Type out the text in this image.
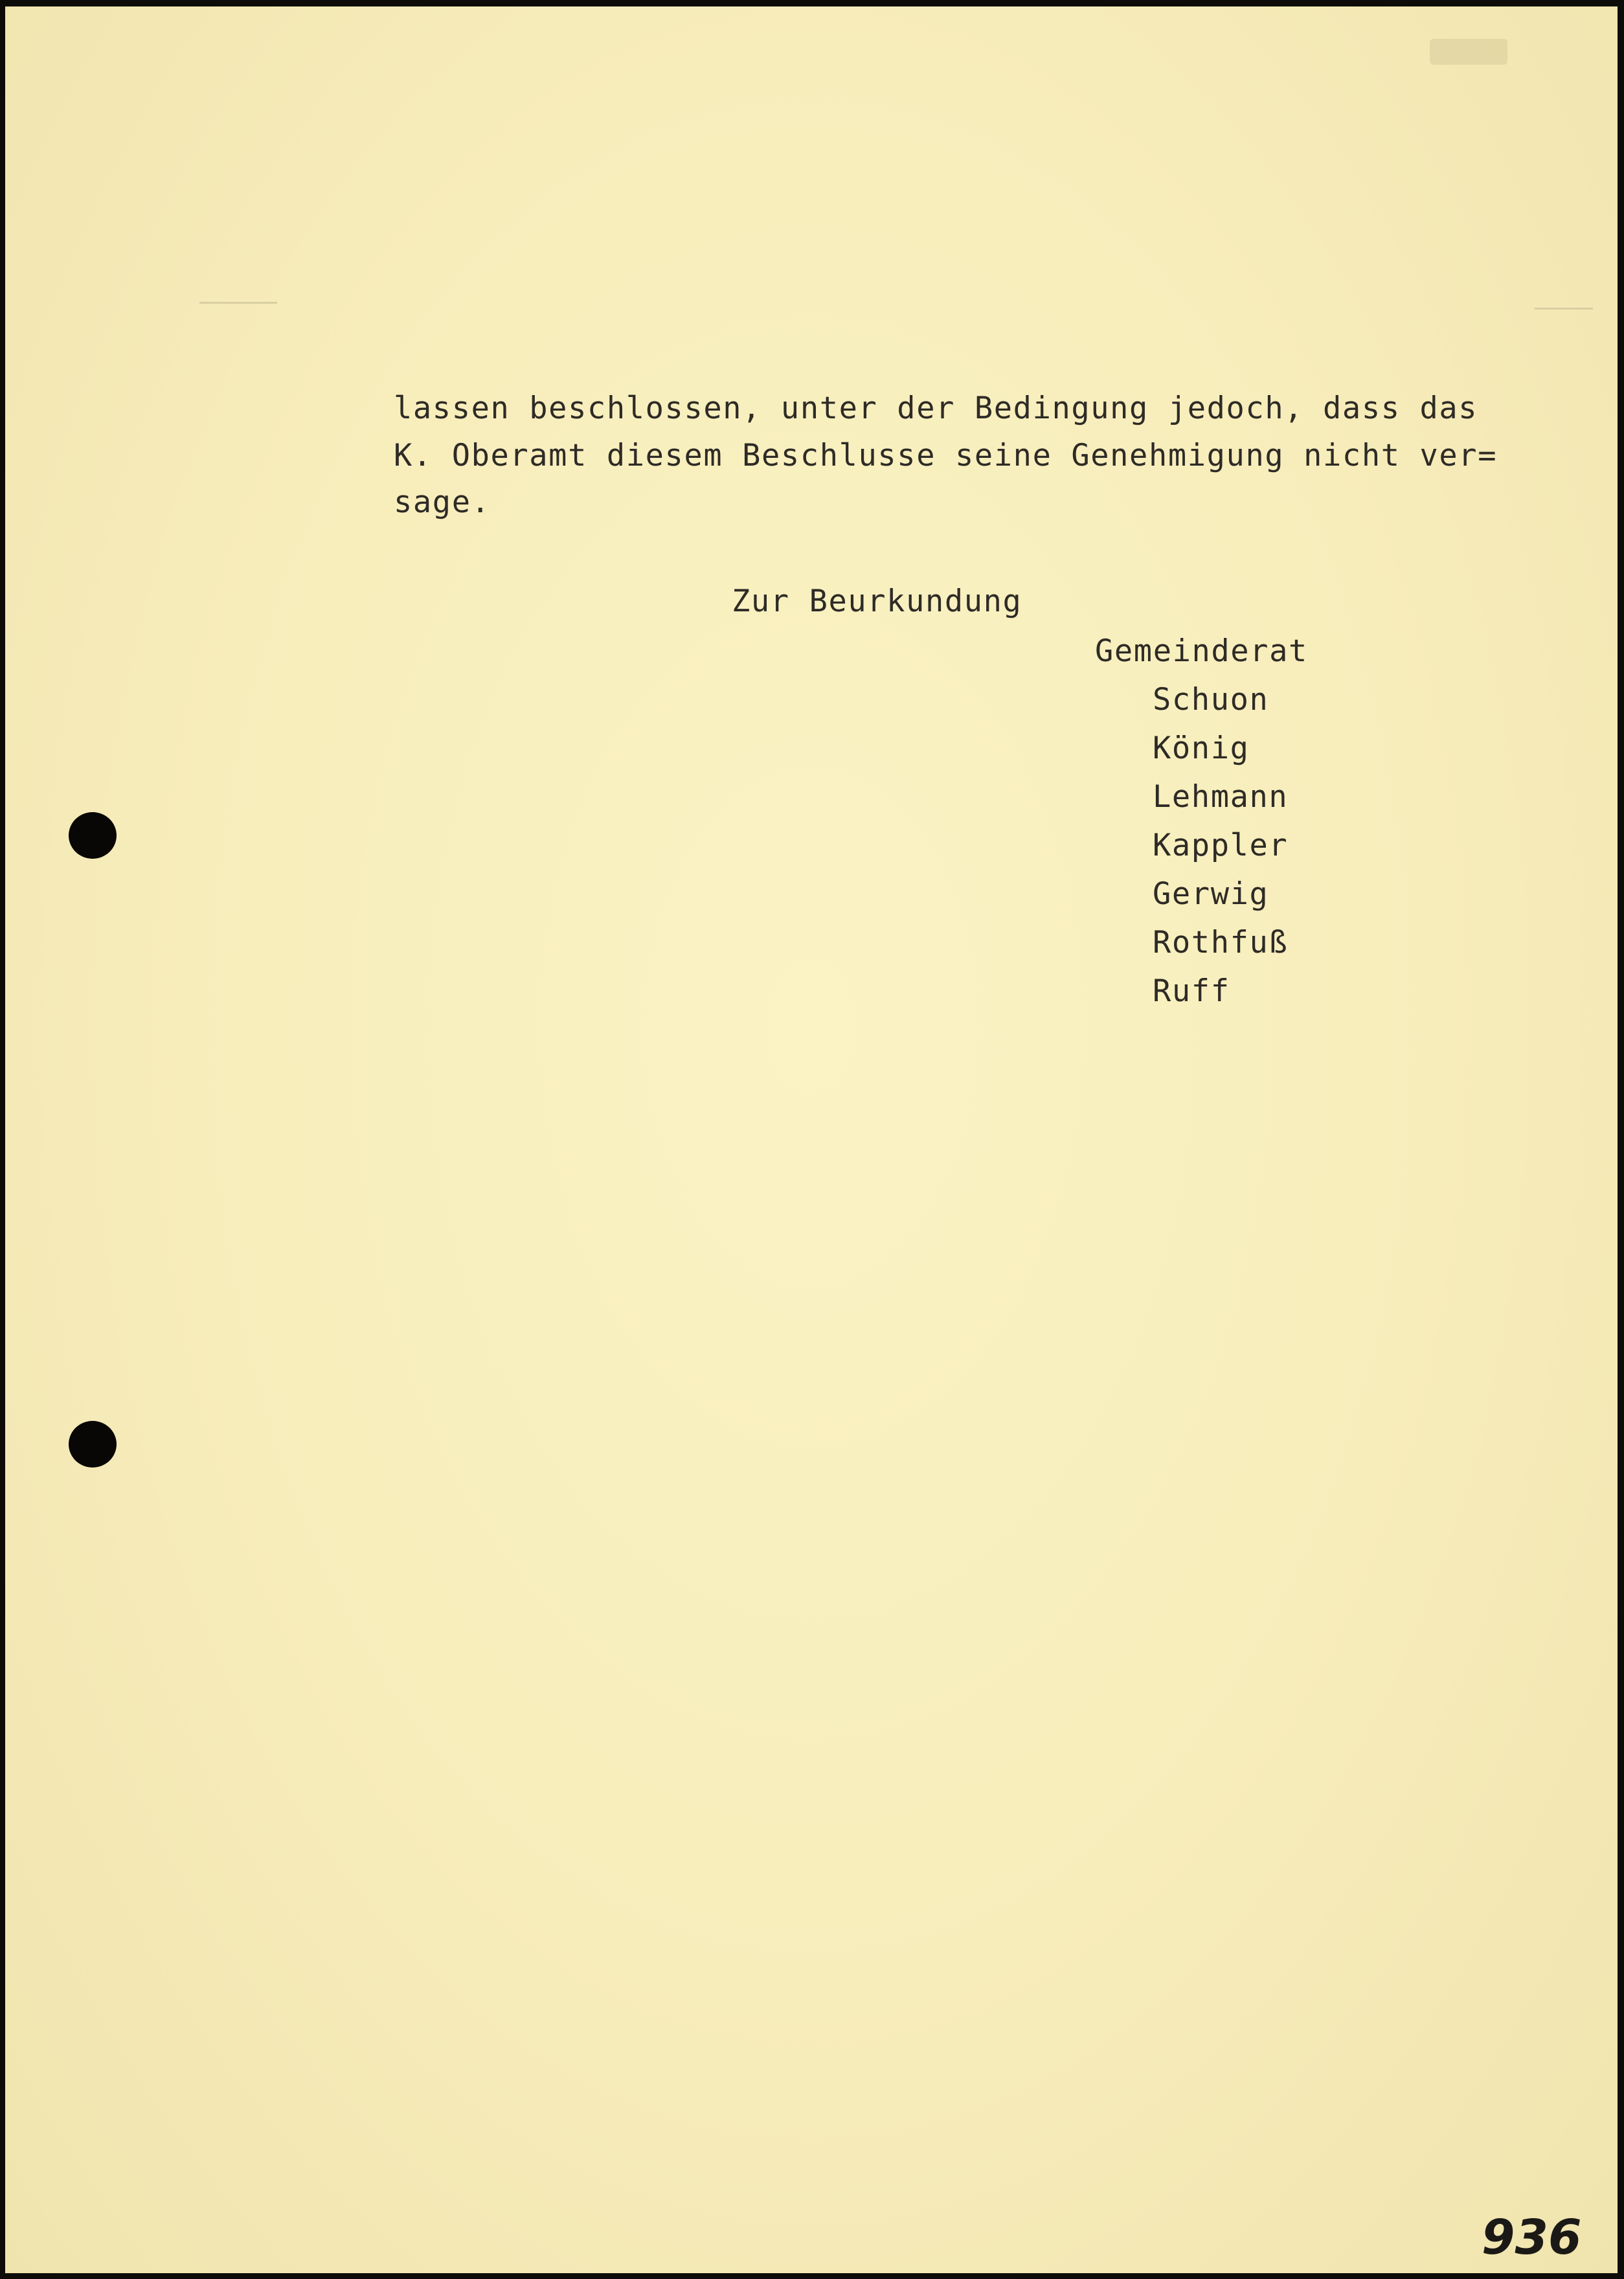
lassen beschlossen, unter der Bedingung jedoch, dass das

K. Oberamt diesem Beschlusse seine Genehmigung nicht ver=

sage.

Zur Beurkundung

Gemeinderat

Schuon
König
Lehmann
Kappler
Gerwig
Rothfuß
Ruff
936
